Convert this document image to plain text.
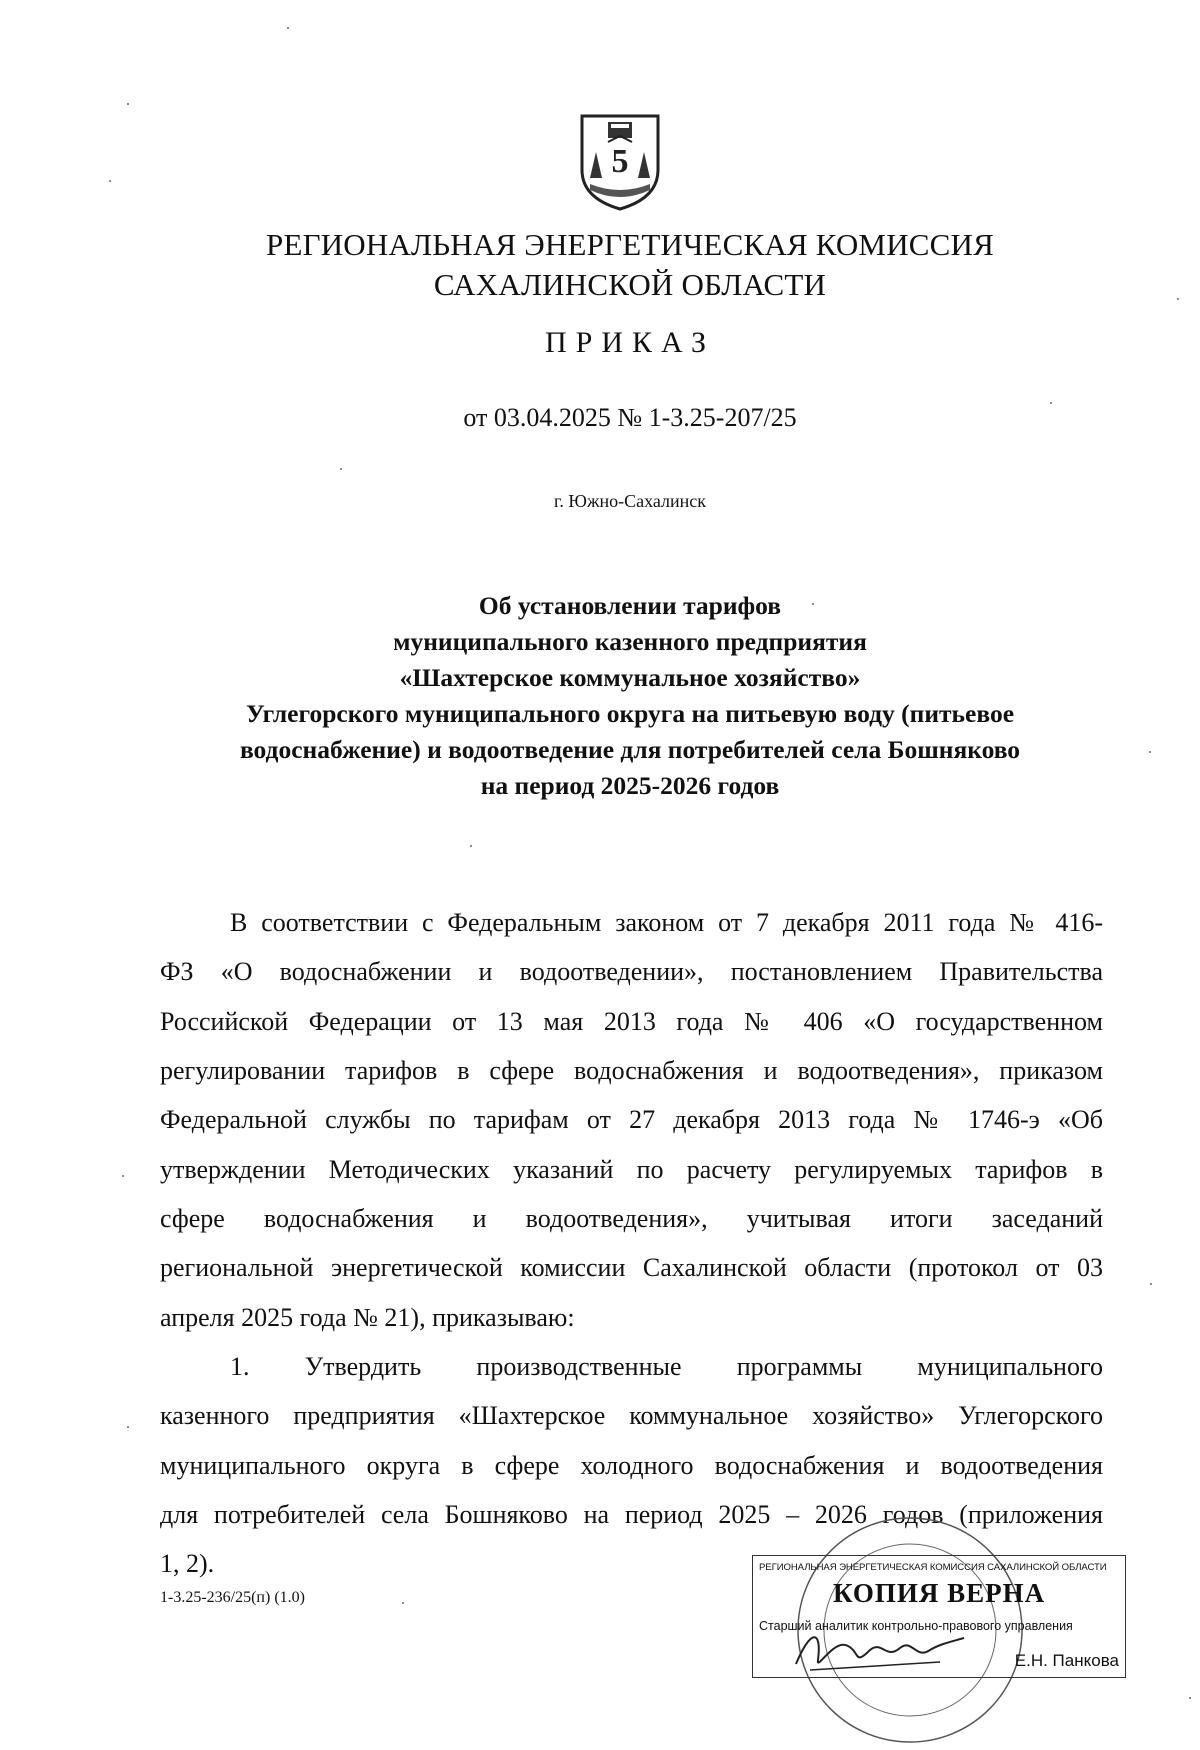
5
РЕГИОНАЛЬНАЯ ЭНЕРГЕТИЧЕСКАЯ КОМИССИЯ
САХАЛИНСКОЙ ОБЛАСТИ
ПРИКАЗ
от 03.04.2025 № 1-3.25-207/25
г. Южно-Сахалинск
Об установлении тарифов
муниципального казенного предприятия
«Шахтерское коммунальное хозяйство»
Углегорского муниципального округа на питьевую воду (питьевое
водоснабжение) и водоотведение для потребителей села Бошняково
на период 2025-2026 годов
В соответствии с Федеральным законом от 7 декабря 2011 года № 416-
ФЗ «О водоснабжении и водоотведении», постановлением Правительства
Российской Федерации от 13 мая 2013 года № 406 «О государственном
регулировании тарифов в сфере водоснабжения и водоотведения», приказом
Федеральной службы по тарифам от 27 декабря 2013 года № 1746-э «Об
утверждении Методических указаний по расчету регулируемых тарифов в
сфере водоснабжения и водоотведения», учитывая итоги заседаний
региональной энергетической комиссии Сахалинской области (протокол от 03
апреля 2025 года № 21), приказываю:
1. Утвердить производственные программы муниципального
казенного предприятия «Шахтерское коммунальное хозяйство» Углегорского
муниципального округа в сфере холодного водоснабжения и водоотведения
для потребителей села Бошняково на период 2025 – 2026 годов (приложения
1, 2).
1-3.25-236/25(п) (1.0)
РЕГИОНАЛЬНАЯ ЭНЕРГЕТИЧЕСКАЯ КОМИССИЯ САХАЛИНСКОЙ ОБЛАСТИ
КОПИЯ ВЕРНА
Старший аналитик контрольно-правового управления
Е.Н. Панкова
